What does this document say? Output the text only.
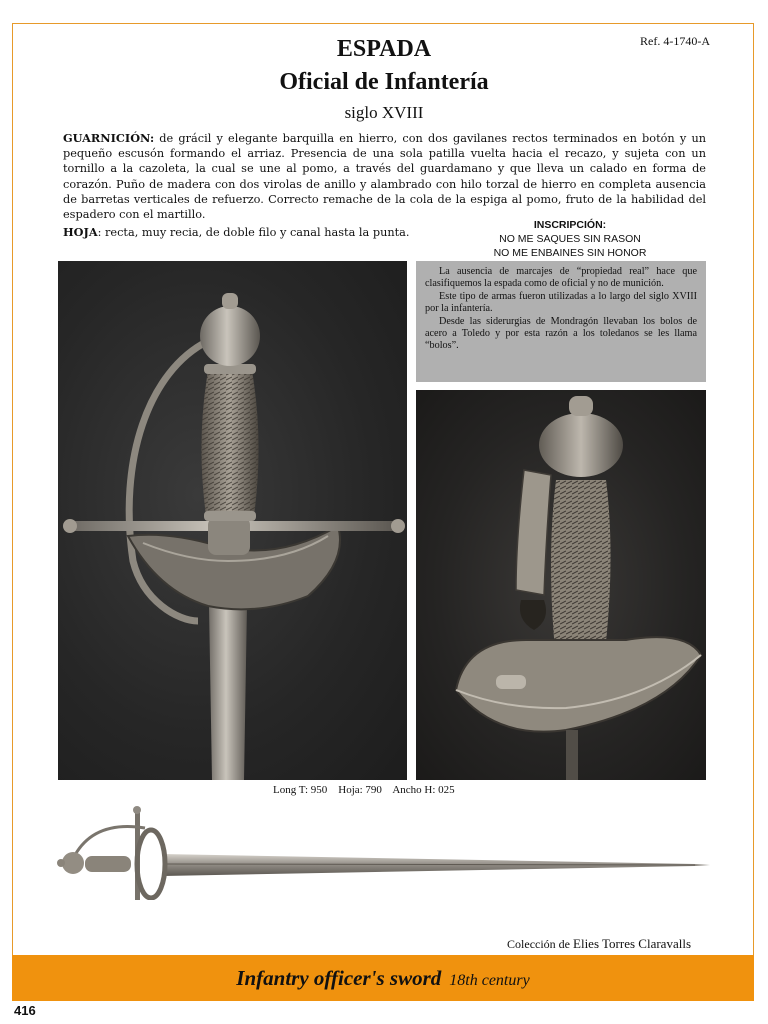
Ref. 4-1740-A
ESPADA
Oficial de Infantería
siglo XVIII
GUARNICIÓN: de grácil y elegante barquilla en hierro, con dos gavilanes rectos terminados en botón y un pequeño escusón formando el arriaz. Presencia de una sola patilla vuelta hacia el recazo, y sujeta con un tornillo a la cazoleta, la cual se une al pomo, a través del guardamano y que lleva un calado en forma de corazón. Puño de madera con dos virolas de anillo y alambrado con hilo torzal de hierro en completa ausencia de barretas verticales de refuerzo. Correcto remache de la cola de la espiga al pomo, fruto de la habilidad del espadero con el martillo.
HOJA: recta, muy recia, de doble filo y canal hasta la punta.
INSCRIPCIÓN:
NO ME SAQUES SIN RASON
NO ME ENBAINES SIN HONOR

La ausencia de marcajes de “propiedad real” hace que clasifiquemos la espada como de oficial y no de munición.

Este tipo de armas fueron utilizadas a lo largo del siglo XVIII por la infantería.

Desde las siderurgias de Mondragón llevaban los bolos de acero a Toledo y por esta razón a los toledanos se les llama “bolos”.

Long T: 950    Hoja: 790    Ancho H: 025
Colección de Elies Torres Claravalls
Infantry officer's sword 18th century
416
